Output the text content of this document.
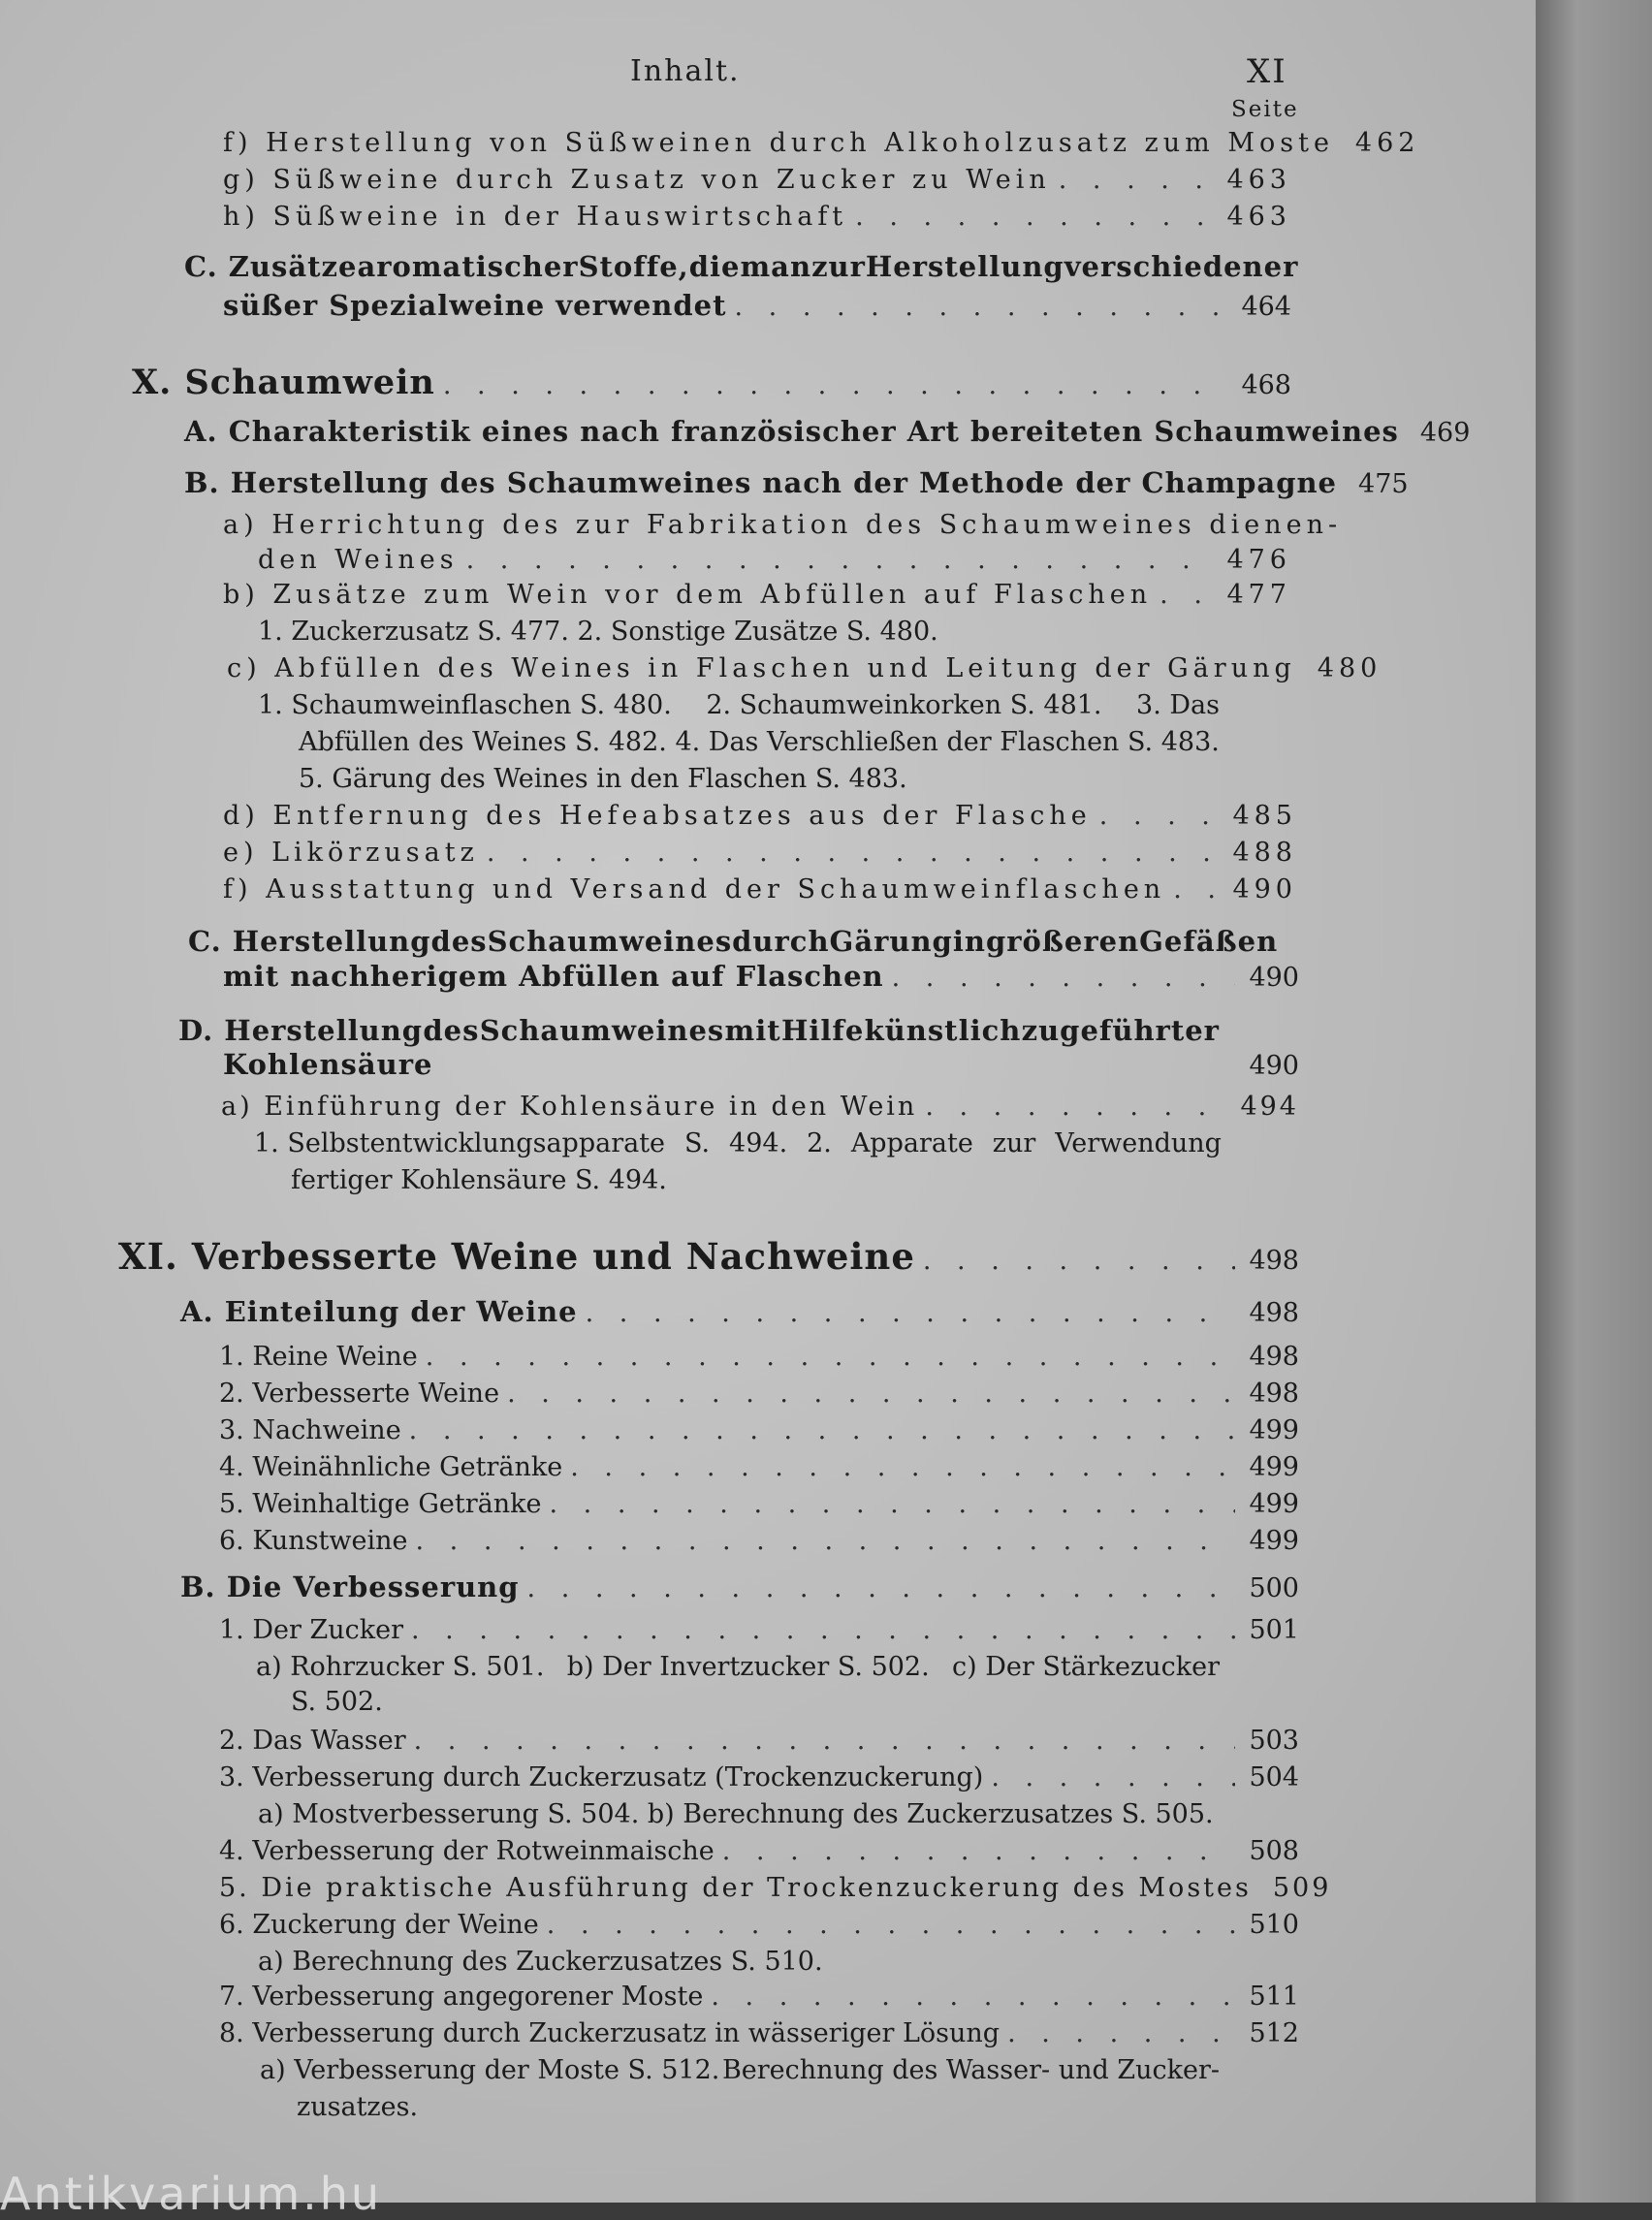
Inhalt.	XI
Seite
f) Herstellung von Süßweinen durch Alkoholzusatz zum Moste 462
g) Süßweine durch Zusatz von Zucker zu Wein . . .	463
h) Süßweine in der Hauswirtschaft . . .	463
C. Zusätze aromatischer Stoffe, die man zur Herstellung verschiedener
süßer Spezialweine verwendet . . .	464
X. Schaumwein . . .	468
A. Charakteristik eines nach französischer Art bereiteten Schaumweines 469
B. Herstellung des Schaumweines nach der Methode der Champagne 475
a) Herrichtung des zur Fabrikation des Schaumweines dienen-
den Weines . . .	476
b) Zusätze zum Wein vor dem Abfüllen auf Flaschen . . .	477
1. Zuckerzusatz S. 477. 2. Sonstige Zusätze S. 480.
c) Abfüllen des Weines in Flaschen und Leitung der Gärung 480
1. Schaumweinflaschen S. 480. 2. Schaumweinkorken S. 481. 3. Das
Abfüllen des Weines S. 482. 4. Das Verschließen der Flaschen S. 483.
5. Gärung des Weines in den Flaschen S. 483.
d) Entfernung des Hefeabsatzes aus der Flasche . . .	485
e) Likörzusatz . . .	488
f) Ausstattung und Versand der Schaumweinflaschen . . .	490
C. Herstellung des Schaumweines durch Gärung in größeren Gefäßen
mit nachherigem Abfüllen auf Flaschen . . .	490
D. Herstellung des Schaumweines mit Hilfe künstlich zugeführter
Kohlensäure	490
a) Einführung der Kohlensäure in den Wein . . .	494
1. Selbstentwicklungsapparate S. 494. 2. Apparate zur Verwendung
fertiger Kohlensäure S. 494.
XI. Verbesserte Weine und Nachweine . . .	498
A. Einteilung der Weine . . .	498
1. Reine Weine . . .	498
2. Verbesserte Weine . . .	498
3. Nachweine . . .	499
4. Weinähnliche Getränke . . .	499
5. Weinhaltige Getränke . . .	499
6. Kunstweine . . .	499
B. Die Verbesserung . . .	500
1. Der Zucker . . .	501
a) Rohrzucker S. 501. b) Der Invertzucker S. 502. c) Der Stärkezucker
S. 502.
2. Das Wasser . . .	503
3. Verbesserung durch Zuckerzusatz (Trockenzuckerung) . . .	504
a) Mostverbesserung S. 504. b) Berechnung des Zuckerzusatzes S. 505.
4. Verbesserung der Rotweinmaische . . .	508
5. Die praktische Ausführung der Trockenzuckerung des Mostes 509
6. Zuckerung der Weine . . .	510
a) Berechnung des Zuckerzusatzes S. 510.
7. Verbesserung angegorener Moste . . .	511
8. Verbesserung durch Zuckerzusatz in wässeriger Lösung . . .	512
a) Verbesserung der Moste S. 512. Berechnung des Wasser- und Zucker-
zusatzes.
Antikvarium.hu
